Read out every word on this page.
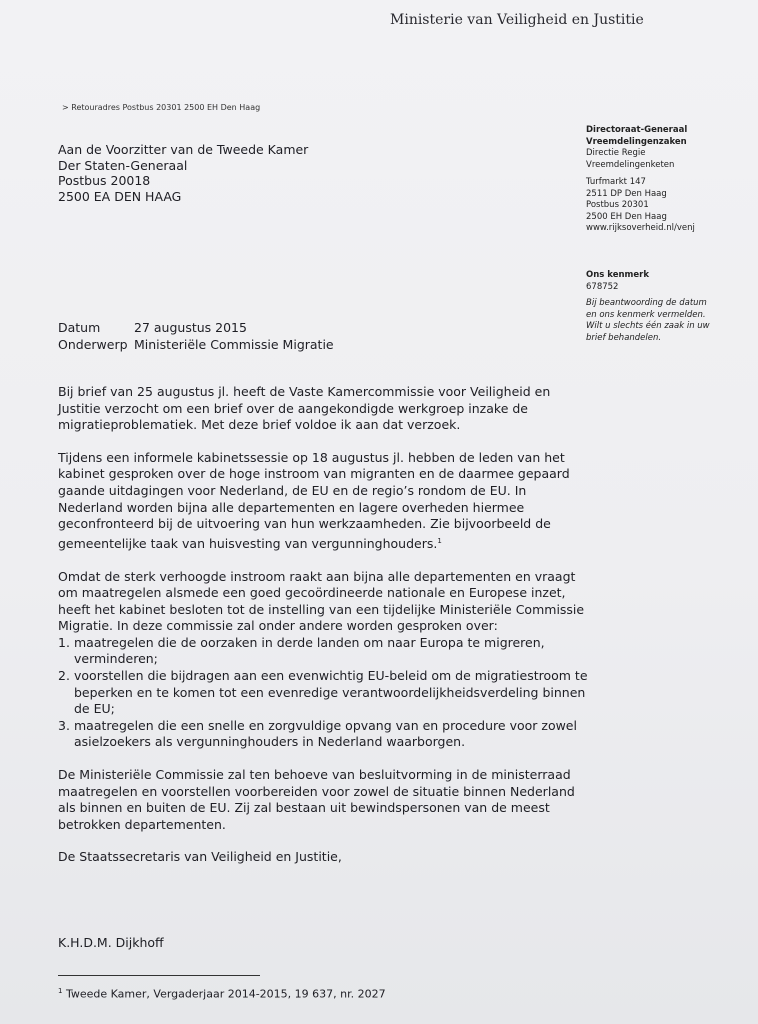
Ministerie van Veiligheid en Justitie
> Retouradres Postbus 20301 2500 EH Den Haag
Aan de Voorzitter van de Tweede Kamer
Der Staten-Generaal
Postbus 20018
2500 EA DEN HAAG
Directoraat-Generaal
Vreemdelingenzaken
Directie Regie
Vreemdelingenketen
Turfmarkt 147
2511 DP Den Haag
Postbus 20301
2500 EH Den Haag
www.rijksoverheid.nl/venj
Ons kenmerk
678752
Bij beantwoording de datum
en ons kenmerk vermelden.
Wilt u slechts één zaak in uw
brief behandelen.
Datum	27 augustus 2015
Onderwerp Ministeriële Commissie Migratie

Bij brief van 25 augustus jl. heeft de Vaste Kamercommissie voor Veiligheid en Justitie verzocht om een brief over de aangekondigde werkgroep inzake de migratieproblematiek. Met deze brief voldoe ik aan dat verzoek.

Tijdens een informele kabinetssessie op 18 augustus jl. hebben de leden van het kabinet gesproken over de hoge instroom van migranten en de daarmee gepaard gaande uitdagingen voor Nederland, de EU en de regio’s rondom de EU. In Nederland worden bijna alle departementen en lagere overheden hiermee geconfronteerd bij de uitvoering van hun werkzaamheden. Zie bijvoorbeeld de gemeentelijke taak van huisvesting van vergunninghouders.$^1$

Omdat de sterk verhoogde instroom raakt aan bijna alle departementen en vraagt om maatregelen alsmede een goed gecoördineerde nationale en Europese inzet, heeft het kabinet besloten tot de instelling van een tijdelijke Ministeriële Commissie Migratie. In deze commissie zal onder andere worden gesproken over:

1. maatregelen die de oorzaken in derde landen om naar Europa te migreren, verminderen;
2. voorstellen die bijdragen aan een evenwichtig EU-beleid om de migratiestroom te beperken en te komen tot een evenredige verantwoordelijkheidsverdeling binnen de EU;
3. maatregelen die een snelle en zorgvuldige opvang van en procedure voor zowel asielzoekers als vergunninghouders in Nederland waarborgen.

De Ministeriële Commissie zal ten behoeve van besluitvorming in de ministerraad maatregelen en voorstellen voorbereiden voor zowel de situatie binnen Nederland als binnen en buiten de EU. Zij zal bestaan uit bewindspersonen van de meest betrokken departementen.

De Staatssecretaris van Veiligheid en Justitie,

K.H.D.M. Dijkhoff
$^1$ Tweede Kamer, Vergaderjaar 2014-2015, 19 637, nr. 2027
